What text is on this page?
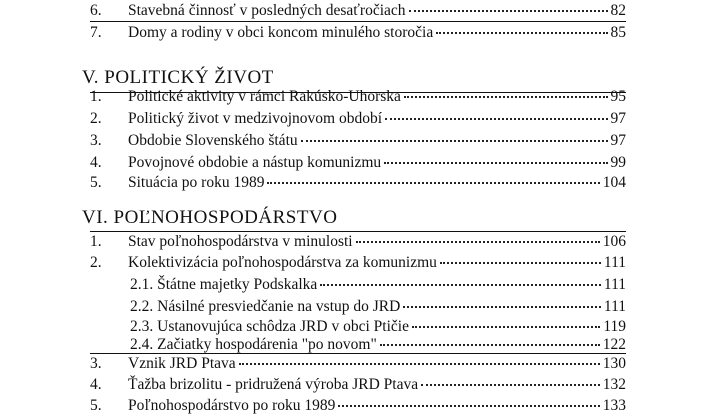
6.	Stavebná činnosť v posledných desaťročiach	82
7.	Domy a rodiny v obci koncom minulého storočia	85
V. POLITICKÝ ŽIVOT
1.	Politické aktivity v rámci Rakúsko-Uhorska	95
2.	Politický život v medzivojnovom období	97
3.	Obdobie Slovenského štátu	97
4.	Povojnové obdobie a nástup komunizmu	99
5.	Situácia po roku 1989	104
VI. POĽNOHOSPODÁRSTVO
1.	Stav poľnohospodárstva v minulosti	106
2.	Kolektivizácia poľnohospodárstva za komunizmu	111
2.1. Štátne majetky Podskalka	111
2.2. Násilné presviedčanie na vstup do JRD	111
2.3. Ustanovujúca schôdza JRD v obci Ptičie	119
2.4. Začiatky hospodárenia "po novom"	122
3.	Vznik JRD Ptava	130
4.	Ťažba brizolitu - pridružená výroba JRD Ptava	132
5.	Poľnohospodárstvo po roku 1989	133
